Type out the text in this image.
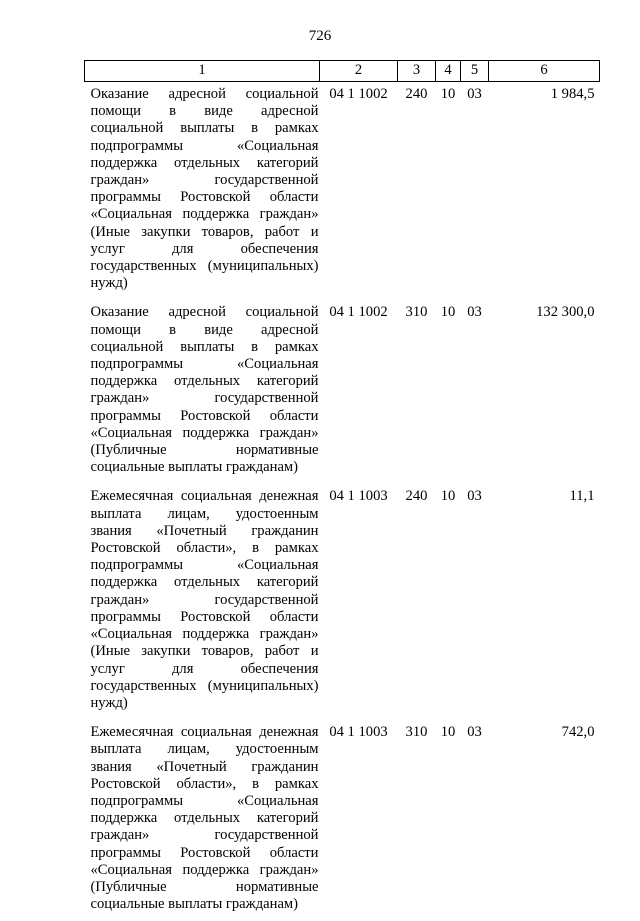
726
1	2	3	4	5	6
Оказание адресной социальной помощи в виде адресной социальной выплаты в рамках подпрограммы «Социальная поддержка отдельных категорий граждан» государственной программы Ростовской области «Социальная поддержка граждан» (Иные закупки товаров, работ и услуг для обеспечения государственных (муниципальных) нужд)	04 1 1002	240	10	03	1 984,5
Оказание адресной социальной помощи в виде адресной социальной выплаты в рамках подпрограммы «Социальная поддержка отдельных категорий граждан» государственной программы Ростовской области «Социальная поддержка граждан» (Публичные нормативные социальные выплаты гражданам)	04 1 1002	310	10	03	132 300,0
Ежемесячная социальная денежная выплата лицам, удостоенным звания «Почетный гражданин Ростовской области», в рамках подпрограммы «Социальная поддержка отдельных категорий граждан» государственной программы Ростовской области «Социальная поддержка граждан» (Иные закупки товаров, работ и услуг для обеспечения государственных (муниципальных) нужд)	04 1 1003	240	10	03	11,1
Ежемесячная социальная денежная выплата лицам, удостоенным звания «Почетный гражданин Ростовской области», в рамках подпрограммы «Социальная поддержка отдельных категорий граждан» государственной программы Ростовской области «Социальная поддержка граждан» (Публичные нормативные социальные выплаты гражданам)	04 1 1003	310	10	03	742,0
